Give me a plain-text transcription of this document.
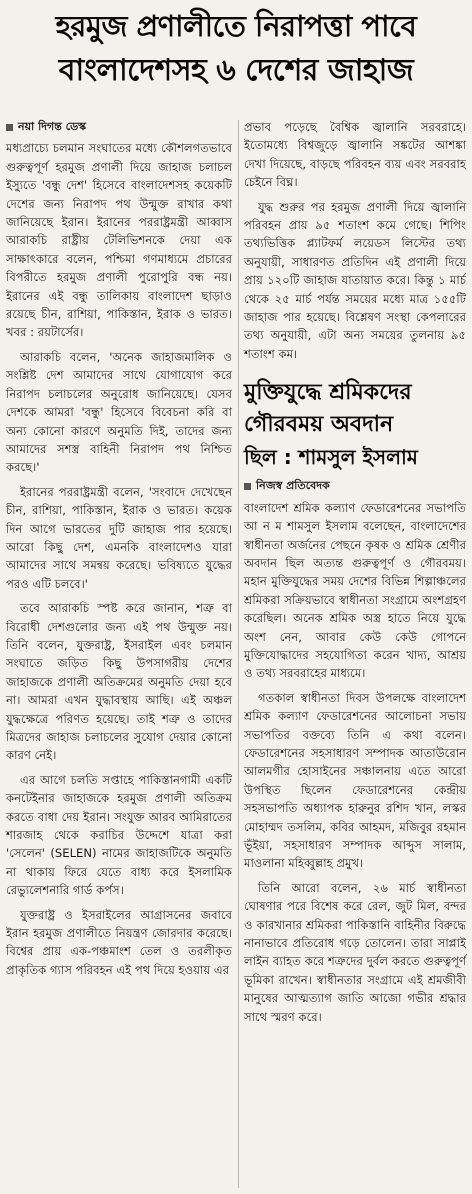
হরমুজ প্রণালীতে নিরাপত্তা পাবে
বাংলাদেশসহ ৬ দেশের জাহাজ
নয়া দিগন্ত ডেস্ক

মধ্যপ্রাচ্যে চলমান সংঘাতের মধ্যে কৌশলগতভাবে গুরুত্বপূর্ণ হরমুজ প্রণালী দিয়ে জাহাজ চলাচল ইস্যুতে 'বন্ধু দেশ' হিসেবে বাংলাদেশসহ কয়েকটি দেশের জন্য নিরাপদ পথ উন্মুক্ত রাখার কথা জানিয়েছে ইরান। ইরানের পররাষ্ট্রমন্ত্রী আব্বাস আরাকচি রাষ্ট্রীয় টেলিভিশনকে দেয়া এক সাক্ষাৎকারে বলেন, পশ্চিমা গণমাধ্যমে প্রচারের বিপরীতে হরমুজ প্রণালী পুরোপুরি বন্ধ নয়। ইরানের এই বন্ধু তালিকায় বাংলাদেশ ছাড়াও রয়েছে চীন, রাশিয়া, পাকিস্তান, ইরাক ও ভারত। খবর : রয়টার্সের।

আরাকচি বলেন, 'অনেক জাহাজমালিক ও সংশ্লিষ্ট দেশ আমাদের সাথে যোগাযোগ করে নিরাপদ চলাচলের অনুরোধ জানিয়েছে। যেসব দেশকে আমরা 'বন্ধু' হিসেবে বিবেচনা করি বা অন্য কোনো কারণে অনুমতি দিই, তাদের জন্য আমাদের সশস্ত্র বাহিনী নিরাপদ পথ নিশ্চিত করছে।'

ইরানের পররাষ্ট্রমন্ত্রী বলেন, 'সংবাদে দেখেছেন চীন, রাশিয়া, পাকিস্তান, ইরাক ও ভারত। কয়েক দিন আগে ভারতের দুটি জাহাজ পার হয়েছে। আরো কিছু দেশ, এমনকি বাংলাদেশও যারা আমাদের সাথে সমন্বয় করেছে। ভবিষ্যতে যুদ্ধের পরও এটি চলবে।'

তবে আরাকচি স্পষ্ট করে জানান, শত্রু বা বিরোধী দেশগুলোর জন্য এই পথ উন্মুক্ত নয়। তিনি বলেন, যুক্তরাষ্ট্র, ইসরাইল এবং চলমান সংঘাতে জড়িত কিছু উপসাগরীয় দেশের জাহাজকে প্রণালী অতিক্রমের অনুমতি দেয়া হবে না। আমরা এখন যুদ্ধাবস্থায় আছি। এই অঞ্চল যুদ্ধক্ষেত্রে পরিণত হয়েছে। তাই শত্রু ও তাদের মিত্রদের জাহাজ চলাচলের সুযোগ দেয়ার কোনো কারণ নেই।

এর আগে চলতি সপ্তাহে পাকিস্তানগামী একটি কনটেইনার জাহাজকে হরমুজ প্রণালী অতিক্রম করতে বাধা দেয় ইরান। সংযুক্ত আরব আমিরাতের শারজাহ থেকে করাচির উদ্দেশে যাত্রা করা 'সেলেন' (SELEN) নামের জাহাজটিকে অনুমতি না থাকায় ফিরে যেতে বাধ্য করে ইসলামিক রেভ্যুলেশনারি গার্ড কর্পস।

যুক্তরাষ্ট্র ও ইসরাইলের আগ্রাসনের জবাবে ইরান হরমুজ প্রণালীতে নিয়ন্ত্রণ জোরদার করেছে। বিশ্বের প্রায় এক-পঞ্চমাংশ তেল ও তরলীকৃত প্রাকৃতিক গ্যাস পরিবহন এই পথ দিয়ে হওয়ায় এর

প্রভাব পড়েছে বৈশ্বিক জ্বালানি সরবরাহে। ইতোমধ্যে বিশ্বজুড়ে জ্বালানি সঙ্কটের আশঙ্কা দেখা দিয়েছে, বাড়ছে পরিবহন ব্যয় এবং সরবরাহ চেইনে বিঘ্ন।

যুদ্ধ শুরুর পর হরমুজ প্রণালী দিয়ে জ্বালানি পরিবহন প্রায় ৯৫ শতাংশ কমে গেছে। শিপিং তথ্যভিত্তিক প্ল্যাটফর্ম লয়েডস লিস্টের তথ্য অনুযায়ী, সাধারণত প্রতিদিন এই প্রণালী দিয়ে প্রায় ১২০টি জাহাজ যাতায়াত করে। কিন্তু ১ মার্চ থেকে ২৫ মার্চ পর্যন্ত সময়ের মধ্যে মাত্র ১৫৫টি জাহাজ পার হয়েছে। বিশ্লেষণ সংস্থা কেপলারের তথ্য অনুযায়ী, এটা অন্য সময়ের তুলনায় ৯৫ শতাংশ কম।

মুক্তিযুদ্ধে শ্রমিকদের
গৌরবময় অবদান
ছিল : শামসুল ইসলাম
নিজস্ব প্রতিবেদক

বাংলাদেশ শ্রমিক কল্যাণ ফেডারেশনের সভাপতি আ ন ম শামসুল ইসলাম বলেছেন, বাংলাদেশের স্বাধীনতা অর্জনের পেছনে কৃষক ও শ্রমিক শ্রেণীর অবদান ছিল অত্যন্ত গুরুত্বপূর্ণ ও গৌরবময়। মহান মুক্তিযুদ্ধের সময় দেশের বিভিন্ন শিল্পাঞ্চলের শ্রমিকরা সক্রিয়ভাবে স্বাধীনতা সংগ্রামে অংশগ্রহণ করেছিল। অনেক শ্রমিক অস্ত্র হাতে নিয়ে যুদ্ধে অংশ নেন, আবার কেউ কেউ গোপনে মুক্তিযোদ্ধাদের সহযোগিতা করেন খাদ্য, আশ্রয় ও তথ্য সরবরাহের মাধ্যমে।

গতকাল স্বাধীনতা দিবস উপলক্ষে বাংলাদেশ শ্রমিক কল্যাণ ফেডারেশনের আলোচনা সভায় সভাপতির বক্তব্যে তিনি এ কথা বলেন। ফেডারেশনের সহসাধারণ সম্পাদক আতাউরোন আলমগীর হোসাইনের সঞ্চালনায় এতে আরো উপস্থিত ছিলেন ফেডারেশনের কেন্দ্রীয় সহসভাপতি অধ্যাপক হারুনুর রশিদ খান, লস্কর মোহাম্মদ তসলিম, কবির আহমদ, মজিবুর রহমান ভূঁইয়া, সহসাধারণ সম্পাদক আব্দুস সালাম, মাওলানা মহিব্বুল্লাহ প্রমুখ।

তিনি আরো বলেন, ২৬ মার্চ স্বাধীনতা ঘোষণার পরে বিশেষ করে রেল, জুট মিল, বন্দর ও কারখানার শ্রমিকরা পাকিস্তানি বাহিনীর বিরুদ্ধে নানাভাবে প্রতিরোধ গড়ে তোলেন। তারা সাপ্লাই লাইন ব্যাহত করে শত্রুদের দুর্বল করতে গুরুত্বপূর্ণ ভূমিকা রাখেন। স্বাধীনতার সংগ্রামে এই শ্রমজীবী মানুষের আত্মত্যাগ জাতি আজো গভীর শ্রদ্ধার সাথে স্মরণ করে।
